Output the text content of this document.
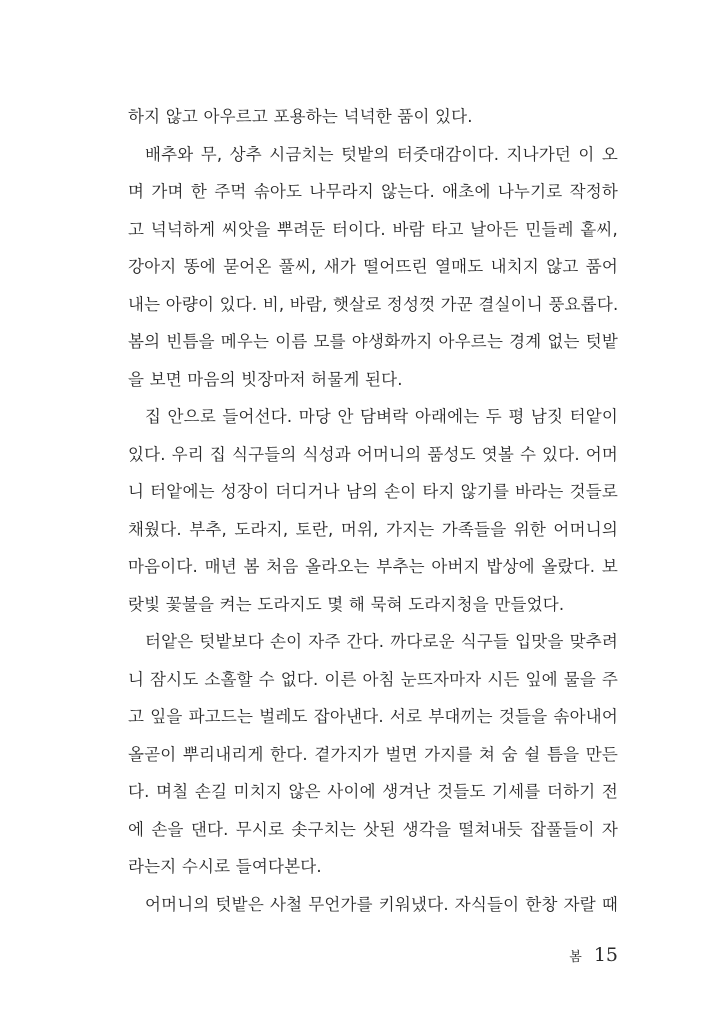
하지 않고 아우르고 포용하는 넉넉한 품이 있다.
배추와 무, 상추 시금치는 텃밭의 터줏대감이다. 지나가던 이 오
며 가며 한 주먹 솎아도 나무라지 않는다. 애초에 나누기로 작정하
고 넉넉하게 씨앗을 뿌려둔 터이다. 바람 타고 날아든 민들레 홑씨,
강아지 똥에 묻어온 풀씨, 새가 떨어뜨린 열매도 내치지 않고 품어
내는 아량이 있다. 비, 바람, 햇살로 정성껏 가꾼 결실이니 풍요롭다.
봄의 빈틈을 메우는 이름 모를 야생화까지 아우르는 경계 없는 텃밭
을 보면 마음의 빗장마저 허물게 된다.
집 안으로 들어선다. 마당 안 담벼락 아래에는 두 평 남짓 터앝이
있다. 우리 집 식구들의 식성과 어머니의 품성도 엿볼 수 있다. 어머
니 터앝에는 성장이 더디거나 남의 손이 타지 않기를 바라는 것들로
채웠다. 부추, 도라지, 토란, 머위, 가지는 가족들을 위한 어머니의
마음이다. 매년 봄 처음 올라오는 부추는 아버지 밥상에 올랐다. 보
랏빛 꽃불을 켜는 도라지도 몇 해 묵혀 도라지청을 만들었다.
터앝은 텃밭보다 손이 자주 간다. 까다로운 식구들 입맛을 맞추려
니 잠시도 소홀할 수 없다. 이른 아침 눈뜨자마자 시든 잎에 물을 주
고 잎을 파고드는 벌레도 잡아낸다. 서로 부대끼는 것들을 솎아내어
올곧이 뿌리내리게 한다. 곁가지가 벌면 가지를 쳐 숨 쉴 틈을 만든
다. 며칠 손길 미치지 않은 사이에 생겨난 것들도 기세를 더하기 전
에 손을 댄다. 무시로 솟구치는 삿된 생각을 떨쳐내듯 잡풀들이 자
라는지 수시로 들여다본다.
어머니의 텃밭은 사철 무언가를 키워냈다. 자식들이 한창 자랄 때
봄 15
